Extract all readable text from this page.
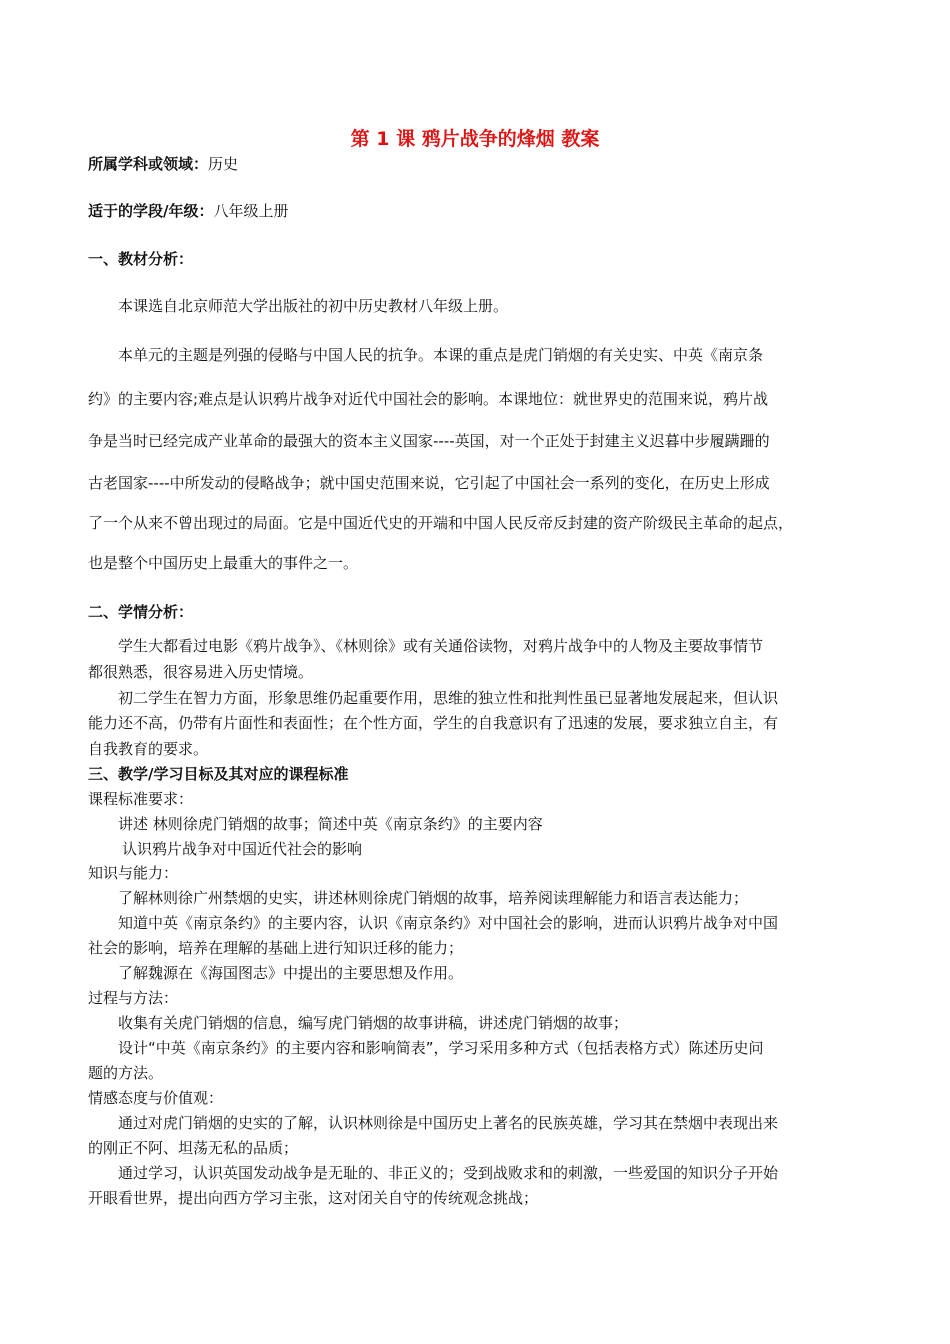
第 1 课 鸦片战争的烽烟 教案
所属学科或领域：历史
适于的学段/年级：八年级上册
一、教材分析：
本课选自北京师范大学出版社的初中历史教材八年级上册。
本单元的主题是列强的侵略与中国人民的抗争。本课的重点是虎门销烟的有关史实、中英《南京条
约》的主要内容;难点是认识鸦片战争对近代中国社会的影响。本课地位：就世界史的范围来说，鸦片战
争是当时已经完成产业革命的最强大的资本主义国家----英国，对一个正处于封建主义迟暮中步履蹒跚的
古老国家----中所发动的侵略战争；就中国史范围来说，它引起了中国社会一系列的变化，在历史上形成
了一个从来不曾出现过的局面。它是中国近代史的开端和中国人民反帝反封建的资产阶级民主革命的起点，
也是整个中国历史上最重大的事件之一。
二、学情分析：
学生大都看过电影《鸦片战争》、《林则徐》或有关通俗读物，对鸦片战争中的人物及主要故事情节
都很熟悉，很容易进入历史情境。
初二学生在智力方面，形象思维仍起重要作用，思维的独立性和批判性虽已显著地发展起来，但认识
能力还不高，仍带有片面性和表面性；在个性方面，学生的自我意识有了迅速的发展，要求独立自主，有
自我教育的要求。
三、教学/学习目标及其对应的课程标准
课程标准要求：
讲述 林则徐虎门销烟的故事；简述中英《南京条约》的主要内容
认识鸦片战争对中国近代社会的影响
知识与能力：
了解林则徐广州禁烟的史实，讲述林则徐虎门销烟的故事，培养阅读理解能力和语言表达能力；
知道中英《南京条约》的主要内容，认识《南京条约》对中国社会的影响，进而认识鸦片战争对中国
社会的影响，培养在理解的基础上进行知识迁移的能力；
了解魏源在《海国图志》中提出的主要思想及作用。
过程与方法：
收集有关虎门销烟的信息，编写虎门销烟的故事讲稿，讲述虎门销烟的故事；
设计“中英《南京条约》的主要内容和影响简表”，学习采用多种方式（包括表格方式）陈述历史问
题的方法。
情感态度与价值观：
通过对虎门销烟的史实的了解，认识林则徐是中国历史上著名的民族英雄，学习其在禁烟中表现出来
的刚正不阿、坦荡无私的品质；
通过学习，认识英国发动战争是无耻的、非正义的；受到战败求和的刺激，一些爱国的知识分子开始
开眼看世界，提出向西方学习主张，这对闭关自守的传统观念挑战；
